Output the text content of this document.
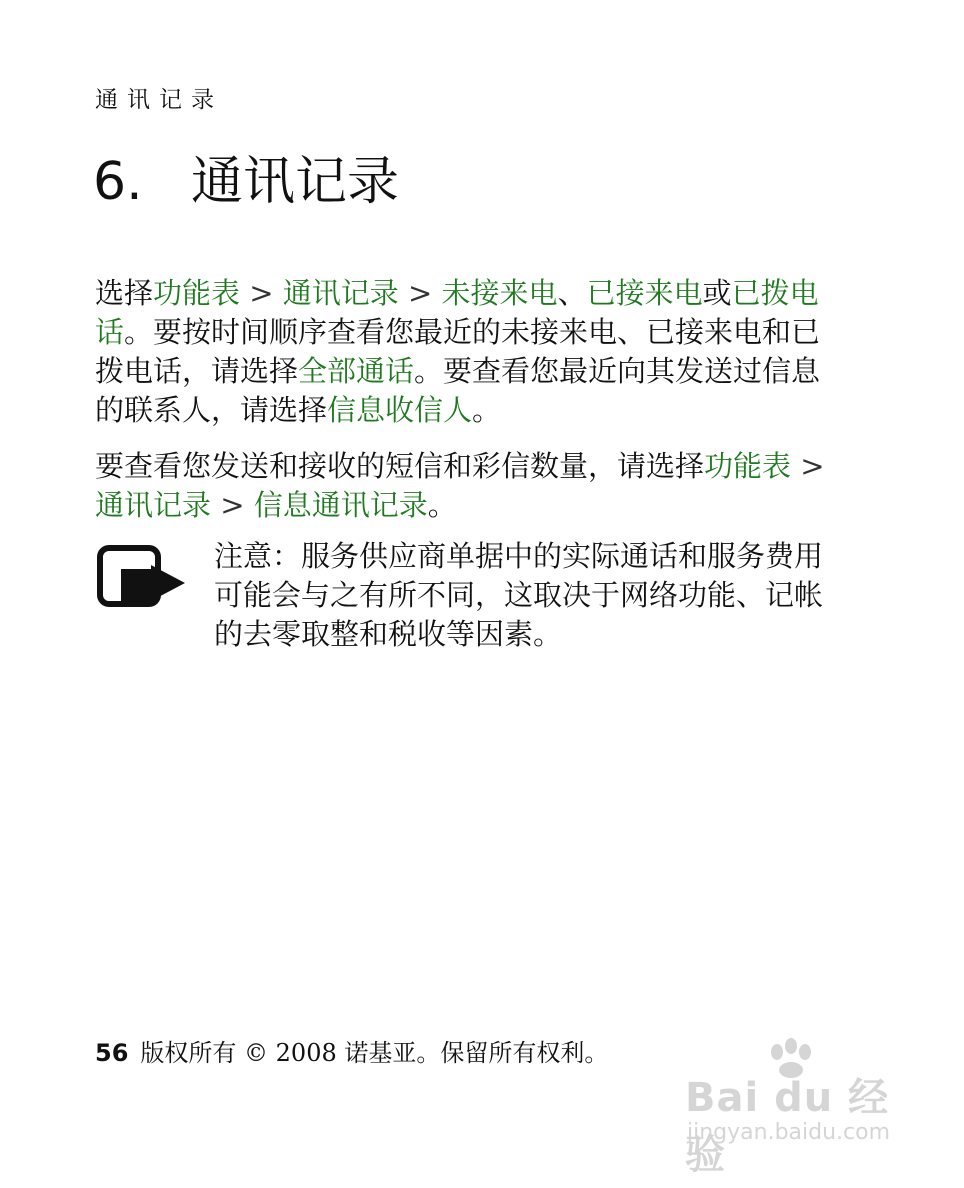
通讯记录
6. 通讯记录

选择功能表 > 通讯记录 > 未接来电、已接来电或已拨电话。要按时间顺序查看您最近的未接来电、已接来电和已拨电话，请选择全部通话。要查看您最近向其发送过信息的联系人，请选择信息收信人。

要查看您发送和接收的短信和彩信数量，请选择功能表 > 通讯记录 > 信息通讯记录。

注意：服务供应商单据中的实际通话和服务费用可能会与之有所不同，这取决于网络功能、记帐的去零取整和税收等因素。

56 版权所有 © 2008 诺基亚。保留所有权利。
Bai du 经验
jingyan.baidu.com
